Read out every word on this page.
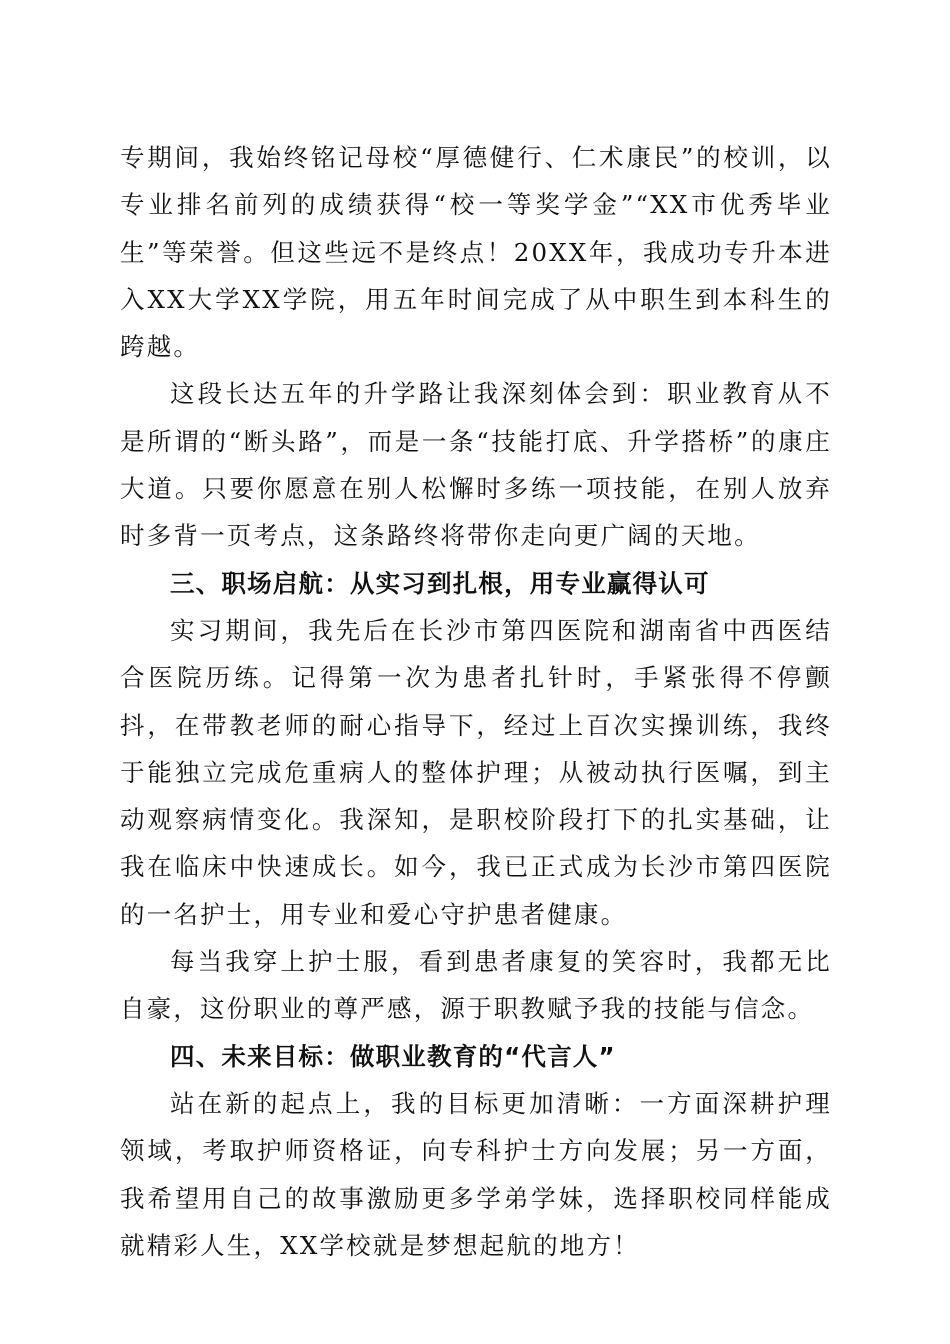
专期间，我始终铭记母校“厚德健行、仁术康民”的校训，以专业排名前列的成绩获得“校一等奖学金”“XX市优秀毕业生”等荣誉。但这些远不是终点！20XX年，我成功专升本进入XX大学XX学院，用五年时间完成了从中职生到本科生的跨越。

这段长达五年的升学路让我深刻体会到：职业教育从不是所谓的“断头路”，而是一条“技能打底、升学搭桥”的康庄大道。只要你愿意在别人松懈时多练一项技能，在别人放弃时多背一页考点，这条路终将带你走向更广阔的天地。

三、职场启航：从实习到扎根，用专业赢得认可

实习期间，我先后在长沙市第四医院和湖南省中西医结合医院历练。记得第一次为患者扎针时，手紧张得不停颤抖，在带教老师的耐心指导下，经过上百次实操训练，我终于能独立完成危重病人的整体护理；从被动执行医嘱，到主动观察病情变化。我深知，是职校阶段打下的扎实基础，让我在临床中快速成长。如今，我已正式成为长沙市第四医院的一名护士，用专业和爱心守护患者健康。

每当我穿上护士服，看到患者康复的笑容时，我都无比自豪，这份职业的尊严感，源于职教赋予我的技能与信念。

四、未来目标：做职业教育的“代言人”

站在新的起点上，我的目标更加清晰：一方面深耕护理领域，考取护师资格证，向专科护士方向发展；另一方面，我希望用自己的故事激励更多学弟学妹，选择职校同样能成就精彩人生，XX学校就是梦想起航的地方！
